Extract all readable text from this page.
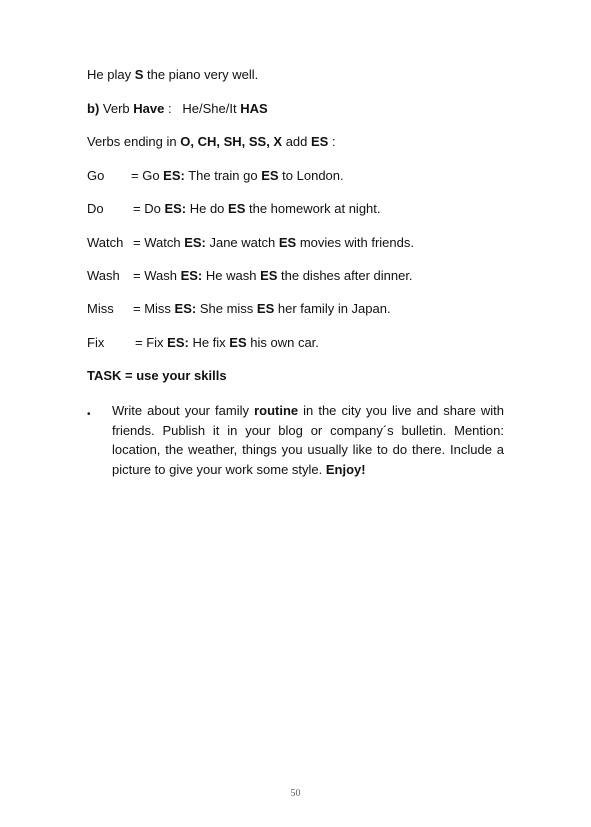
He play S the piano very well.
b) Verb Have :   He/She/It HAS
Verbs ending in O, CH, SH, SS, X add ES :
Go = Go ES: The train go ES to London.
Do = Do ES: He do ES the homework at night.
Watch = Watch ES: Jane watch ES movies with friends.
Wash = Wash ES: He wash ES the dishes after dinner.
Miss = Miss ES: She miss ES her family in Japan.
Fix = Fix ES: He fix ES his own car.
TASK = use your skills
• Write about your family routine in the city you live and share with friends. Publish it in your blog or company´s bulletin. Mention: location, the weather, things you usually like to do there. Include a picture to give your work some style. Enjoy!
50
